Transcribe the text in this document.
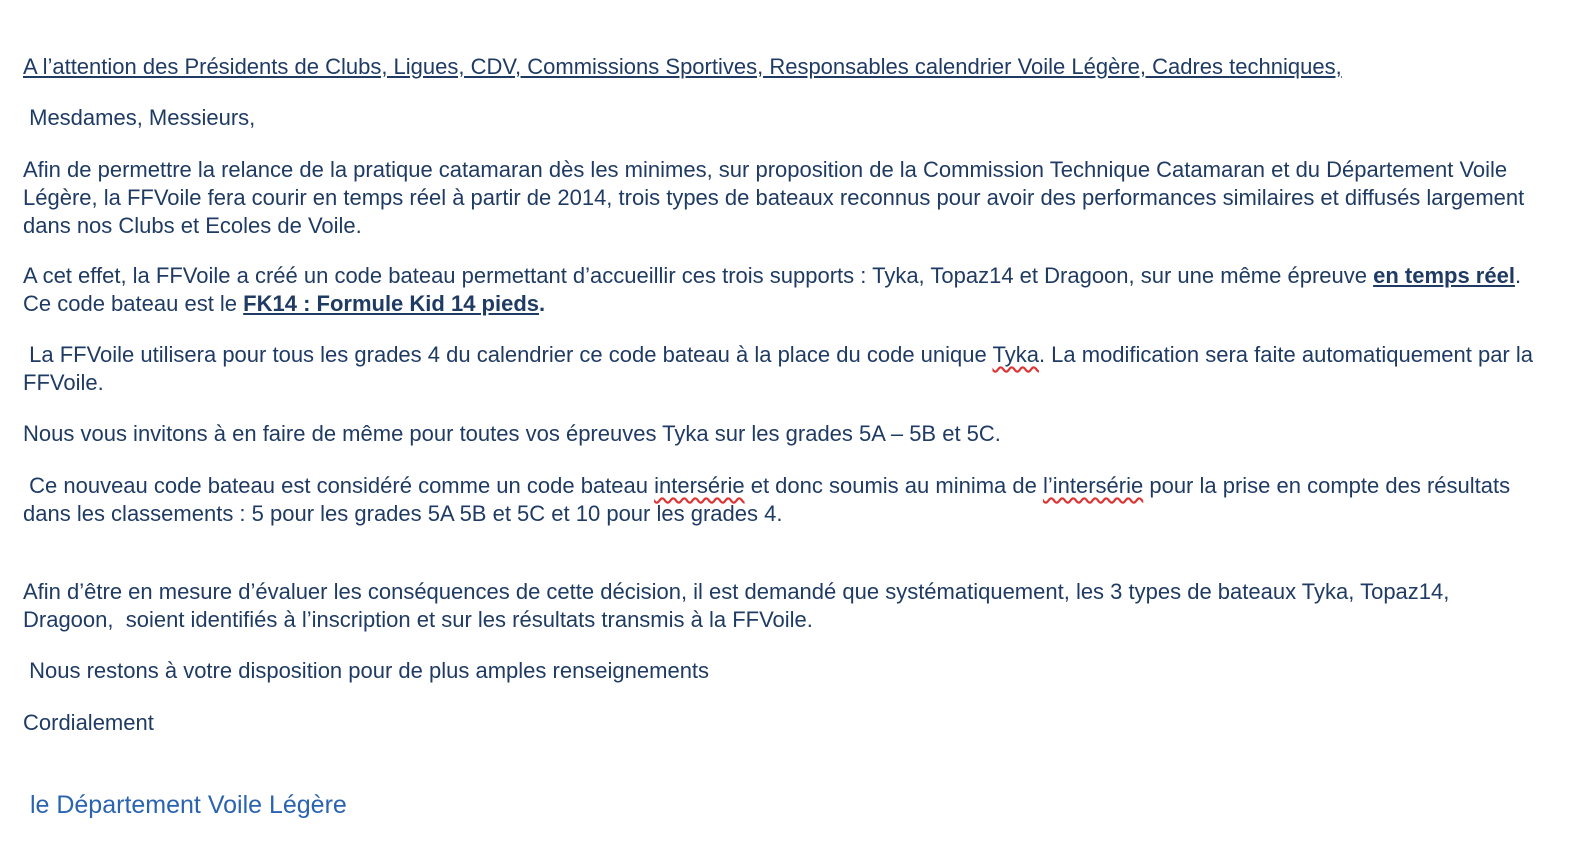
A l’attention des Présidents de Clubs, Ligues, CDV, Commissions Sportives, Responsables calendrier Voile Légère, Cadres techniques,

Mesdames, Messieurs,

Afin de permettre la relance de la pratique catamaran dès les minimes, sur proposition de la Commission Technique Catamaran et du Département Voile Légère, la FFVoile fera courir en temps réel à partir de 2014, trois types de bateaux reconnus pour avoir des performances similaires et diffusés largement dans nos Clubs et Ecoles de Voile.

A cet effet, la FFVoile a créé un code bateau permettant d’accueillir ces trois supports : Tyka, Topaz14 et Dragoon, sur une même épreuve en temps réel. Ce code bateau est le FK14 : Formule Kid 14 pieds.

La FFVoile utilisera pour tous les grades 4 du calendrier ce code bateau à la place du code unique Tyka. La modification sera faite automatiquement par la FFVoile.

Nous vous invitons à en faire de même pour toutes vos épreuves Tyka sur les grades 5A – 5B et 5C.

Ce nouveau code bateau est considéré comme un code bateau intersérie et donc soumis au minima de l’intersérie pour la prise en compte des résultats dans les classements : 5 pour les grades 5A 5B et 5C et 10 pour les grades 4.

Afin d’être en mesure d’évaluer les conséquences de cette décision, il est demandé que systématiquement, les 3 types de bateaux Tyka, Topaz14, Dragoon,  soient identifiés à l’inscription et sur les résultats transmis à la FFVoile.

Nous restons à votre disposition pour de plus amples renseignements

Cordialement

le Département Voile Légère
